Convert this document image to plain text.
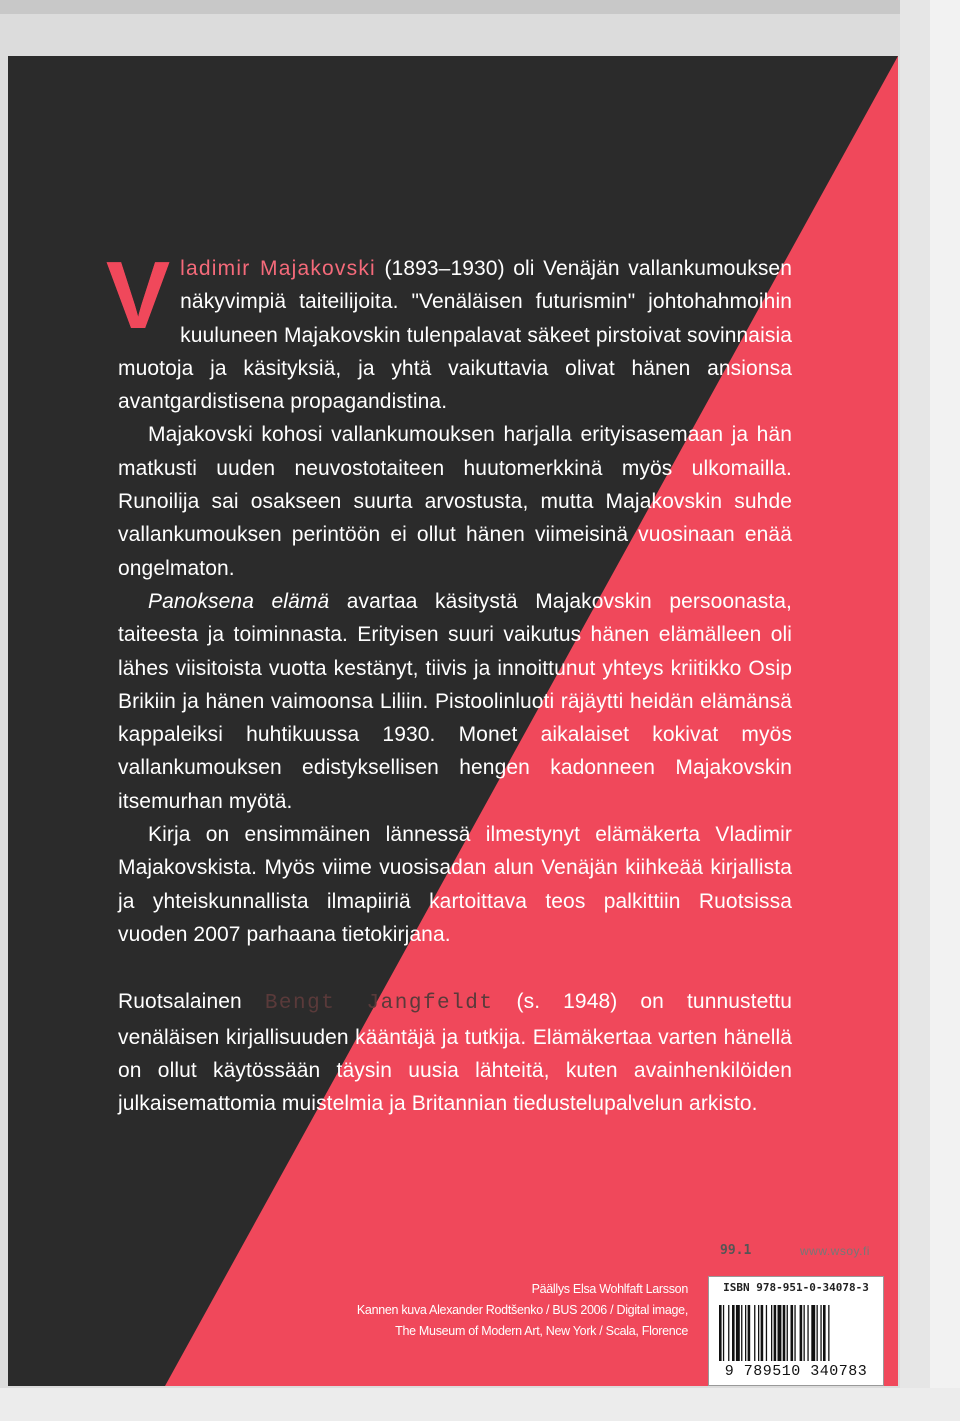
Vladimir Majakovski (1893–1930) oli Venäjän vallankumouksen näkyvimpiä taiteilijoita. "Venäläisen futurismin" johtohahmoihin kuuluneen Majakovskin tulenpalavat säkeet pirstoivat sovinnaisia muotoja ja käsityksiä, ja yhtä vaikuttavia olivat hänen ansionsa avantgardistisena propagandistina.

Majakovski kohosi vallankumouksen harjalla erityisasemaan ja hän matkusti uuden neuvostotaiteen huutomerkkinä myös ulkomailla. Runoilija sai osakseen suurta arvostusta, mutta Majakovskin suhde vallankumouksen perintöön ei ollut hänen viimeisinä vuosinaan enää ongelmaton.

Panoksena elämä avartaa käsitystä Majakovskin persoonasta, taiteesta ja toiminnasta. Erityisen suuri vaikutus hänen elämälleen oli lähes viisitoista vuotta kestänyt, tiivis ja innoittunut yhteys kriitikko Osip Brikiin ja hänen vaimoonsa Liliin. Pistoolinluoti räjäytti heidän elämänsä kappaleiksi huhtikuussa 1930. Monet aikalaiset kokivat myös vallankumouksen edistyksellisen hengen kadonneen Majakovskin itsemurhan myötä.

Kirja on ensimmäinen lännessä ilmestynyt elämäkerta Vladimir Majakovskista. Myös viime vuosisadan alun Venäjän kiihkeää kirjallista ja yhteiskunnallista ilmapiiriä kartoittava teos palkittiin Ruotsissa vuoden 2007 parhaana tietokirjana.

Ruotsalainen Bengt Jangfeldt (s. 1948) on tunnustettu venäläisen kirjallisuuden kääntäjä ja tutkija. Elämäkertaa varten hänellä on ollut käytössään täysin uusia lähteitä, kuten avainhenkilöiden julkaisemattomia muistelmia ja Britannian tiedustelupalvelun arkisto.

99.1	www.wsoy.fi
Päällys Elsa Wohlfaft Larsson
Kannen kuva Alexander Rodtšenko / BUS 2006 / Digital image,
The Museum of Modern Art, New York / Scala, Florence
ISBN 978-951-0-34078-3
9 789510 340783
